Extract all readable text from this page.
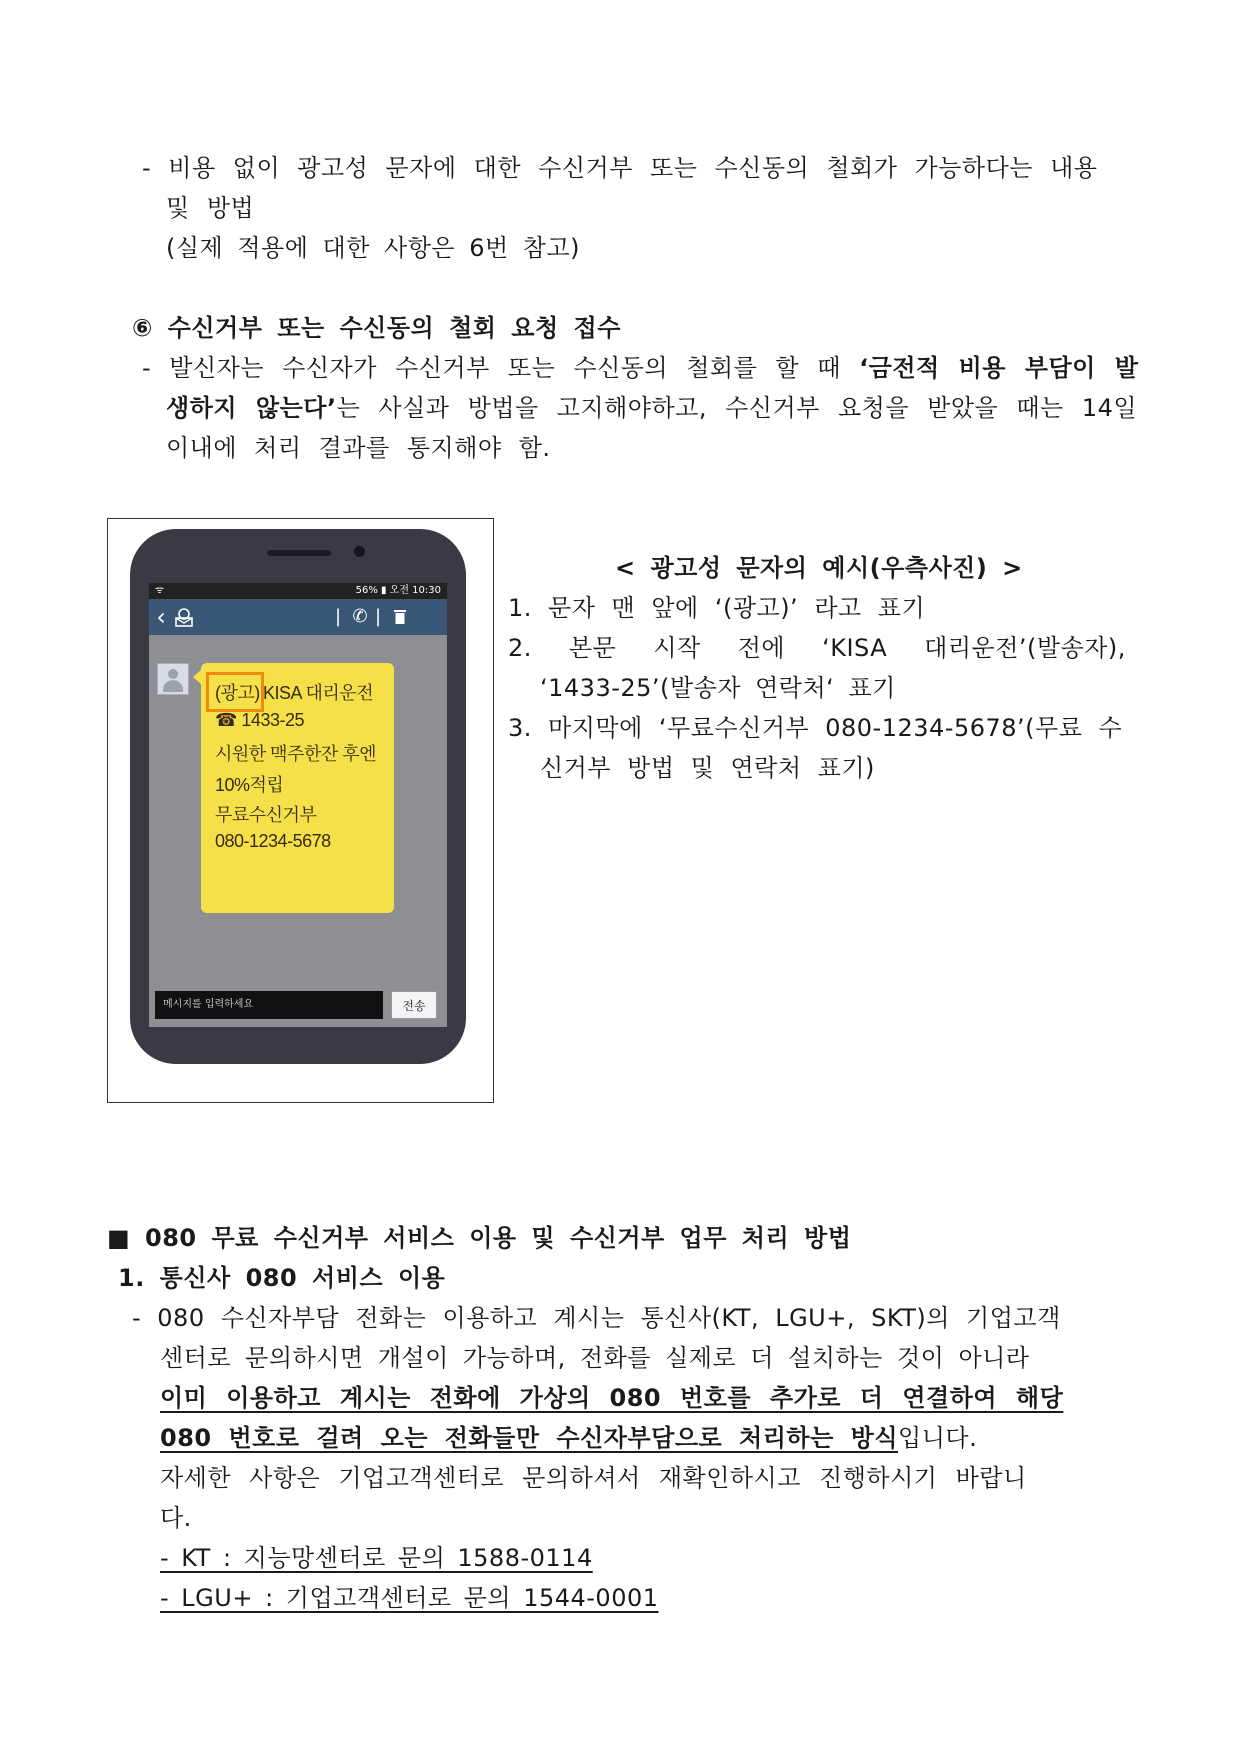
- 비용 없이 광고성 문자에 대한 수신거부 또는 수신동의 철회가 가능하다는 내용
및 방법
(실제 적용에 대한 사항은 6번 참고)
⑥ 수신거부 또는 수신동의 철회 요청 접수
- 발신자는 수신자가 수신거부 또는 수신동의 철회를 할 때 ‘금전적 비용 부담이 발
생하지 않는다’는 사실과 방법을 고지해야하고, 수신거부 요청을 받았을 때는 14일
이내에 처리 결과를 통지해야 함.
ᯤ	56% ▮ 오전 10:30
‹	| ✆ |
(광고) KISA 대리운전
☎ 1433-25
시원한 맥주한잔 후엔
10%적립
무료수신거부
080-1234-5678
메시지를 입력하세요	전송
< 광고성 문자의 예시(우측사진) >
1. 문자 맨 앞에 ‘(광고)’ 라고 표기
2. 본문 시작 전에 ‘KISA 대리운전’(발송자),
‘1433-25’(발송자 연락처‘ 표기
3. 마지막에 ‘무료수신거부 080-1234-5678’(무료 수
신거부 방법 및 연락처 표기)
■ 080 무료 수신거부 서비스 이용 및 수신거부 업무 처리 방법
1. 통신사 080 서비스 이용
- 080 수신자부담 전화는 이용하고 계시는 통신사(KT, LGU+, SKT)의 기업고객
센터로 문의하시면 개설이 가능하며, 전화를 실제로 더 설치하는 것이 아니라
이미 이용하고 계시는 전화에 가상의 080 번호를 추가로 더 연결하여 해당
080 번호로 걸려 오는 전화들만 수신자부담으로 처리하는 방식입니다.
자세한 사항은 기업고객센터로 문의하셔서 재확인하시고 진행하시기 바랍니
다.
- KT : 지능망센터로 문의 1588-0114
- LGU+ : 기업고객센터로 문의 1544-0001
